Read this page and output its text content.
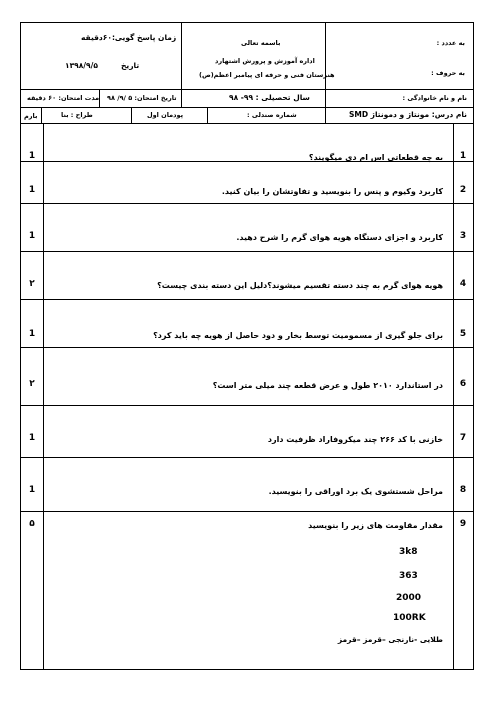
به عددد :
به حروف :
باسمه تعالی
اداره آموزش و پرورش اشتهارد
هنرستان فنی و حرفه ای پیامبر اعظم(ص)
زمان پاسخ گویی:۶۰دقیقه
تاریخ
۱۳۹۸/۹/۵
نام و نام خانوادگی :
سال تحصیلی : ۹۹- ۹۸
تاریخ امتحان: ۵ /۹/ ۹۸
مدت امتحان: ۶۰ دقیقه
نام درس: مونتاژ و دمونتاژ SMD
شماره صندلی :
پودمان اول
طراح : بنا
بارم
1
به چه قطعاتی اس ام دی میگویند؟
1
2
کاربرد وکیوم و پنس را بنویسید و تفاوتشان را بیان کنید.
1
3
کاربرد و اجزای دستگاه هویه هوای گرم را شرح دهید.
1
4
هویه هوای گرم به چند دسته تقسیم میشوند؟دلیل این دسته بندی چیست؟
۲
5
برای جلو گیری از مسمومیت توسط بخار و دود حاصل از هویه چه باید کرد؟
1
6
در استاندارد ۲۰۱۰ طول و عرض قطعه چند میلی متر است؟
۲
7
خازنی با کد ۲۶۶ چند میکروفاراد ظرفیت دارد
1
8
مراحل شستشوی یک برد اوراقی را بنویسید.
1
9
مقدار مقاومت های زیر را بنویسید
۵
3k8
363
2000
100RK
طلایی -نارنجی –قرمز –قرمز
